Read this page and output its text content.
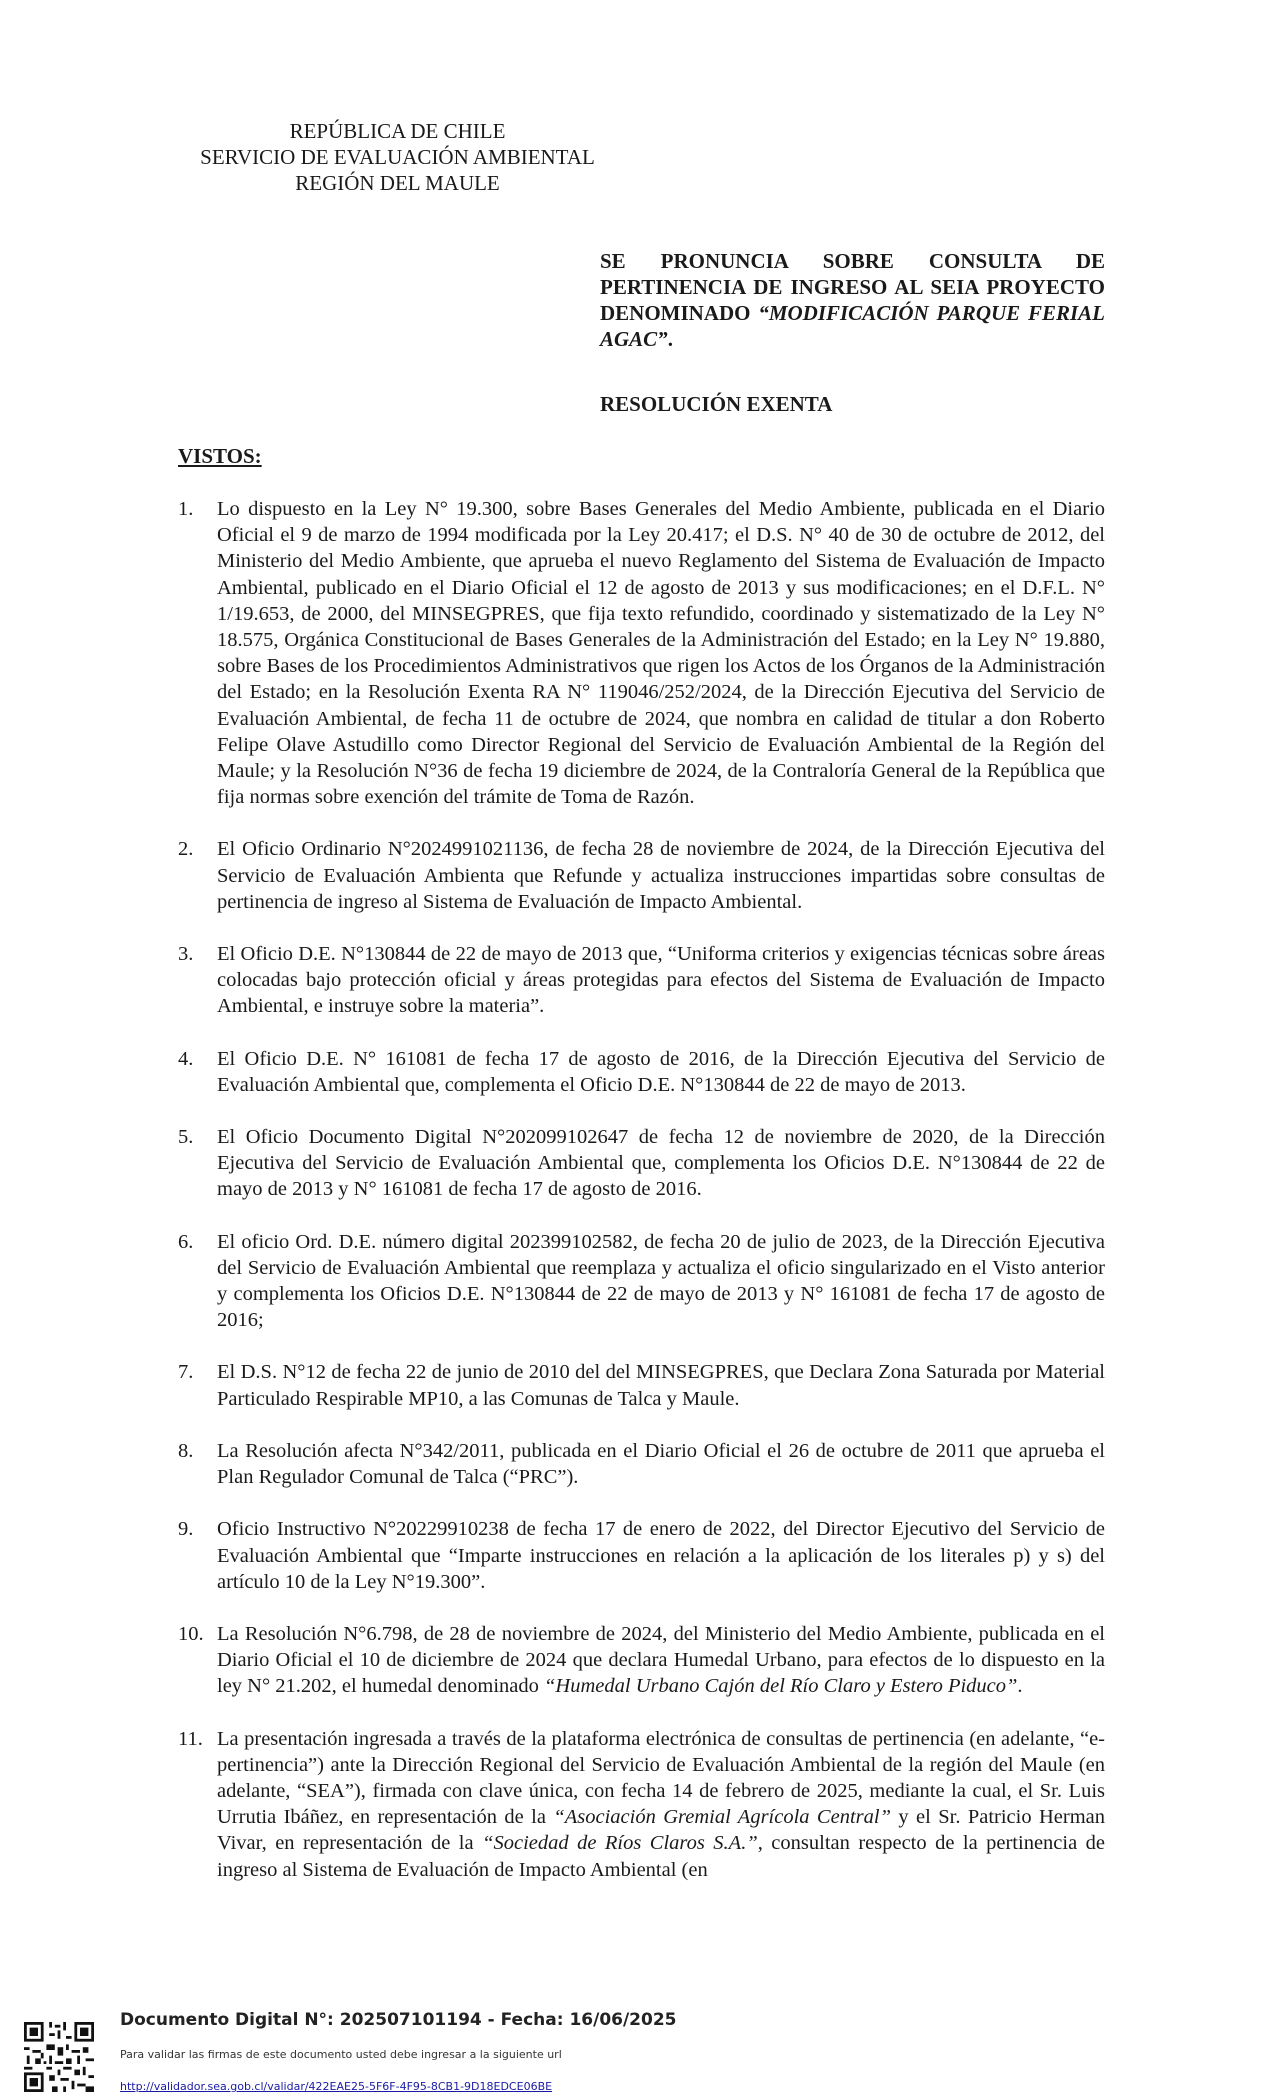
REPÚBLICA DE CHILE
SERVICIO DE EVALUACIÓN AMBIENTAL
REGIÓN DEL MAULE
SE PRONUNCIA SOBRE CONSULTA DE PERTINENCIA DE INGRESO AL SEIA PROYECTO DENOMINADO “MODIFICACIÓN PARQUE FERIAL AGAC”.
RESOLUCIÓN EXENTA
VISTOS:
1. Lo dispuesto en la Ley N° 19.300, sobre Bases Generales del Medio Ambiente, publicada en el Diario Oficial el 9 de marzo de 1994 modificada por la Ley 20.417; el D.S. N° 40 de 30 de octubre de 2012, del Ministerio del Medio Ambiente, que aprueba el nuevo Reglamento del Sistema de Evaluación de Impacto Ambiental, publicado en el Diario Oficial el 12 de agosto de 2013 y sus modificaciones; en el D.F.L. N° 1/19.653, de 2000, del MINSEGPRES, que fija texto refundido, coordinado y sistematizado de la Ley N° 18.575, Orgánica Constitucional de Bases Generales de la Administración del Estado; en la Ley N° 19.880, sobre Bases de los Procedimientos Administrativos que rigen los Actos de los Órganos de la Administración del Estado; en la Resolución Exenta RA N° 119046/252/2024, de la Dirección Ejecutiva del Servicio de Evaluación Ambiental, de fecha 11 de octubre de 2024, que nombra en calidad de titular a don Roberto Felipe Olave Astudillo como Director Regional del Servicio de Evaluación Ambiental de la Región del Maule; y la Resolución N°36 de fecha 19 diciembre de 2024, de la Contraloría General de la República que fija normas sobre exención del trámite de Toma de Razón.
2. El Oficio Ordinario N°2024991021136, de fecha 28 de noviembre de 2024, de la Dirección Ejecutiva del Servicio de Evaluación Ambienta que Refunde y actualiza instrucciones impartidas sobre consultas de pertinencia de ingreso al Sistema de Evaluación de Impacto Ambiental.
3. El Oficio D.E. N°130844 de 22 de mayo de 2013 que, “Uniforma criterios y exigencias técnicas sobre áreas colocadas bajo protección oficial y áreas protegidas para efectos del Sistema de Evaluación de Impacto Ambiental, e instruye sobre la materia”.
4. El Oficio D.E. N° 161081 de fecha 17 de agosto de 2016, de la Dirección Ejecutiva del Servicio de Evaluación Ambiental que, complementa el Oficio D.E. N°130844 de 22 de mayo de 2013.
5. El Oficio Documento Digital N°202099102647 de fecha 12 de noviembre de 2020, de la Dirección Ejecutiva del Servicio de Evaluación Ambiental que, complementa los Oficios D.E. N°130844 de 22 de mayo de 2013 y N° 161081 de fecha 17 de agosto de 2016.
6. El oficio Ord. D.E. número digital 202399102582, de fecha 20 de julio de 2023, de la Dirección Ejecutiva del Servicio de Evaluación Ambiental que reemplaza y actualiza el oficio singularizado en el Visto anterior y complementa los Oficios D.E. N°130844 de 22 de mayo de 2013 y N° 161081 de fecha 17 de agosto de 2016;
7. El D.S. N°12 de fecha 22 de junio de 2010 del del MINSEGPRES, que Declara Zona Saturada por Material Particulado Respirable MP10, a las Comunas de Talca y Maule.
8. La Resolución afecta N°342/2011, publicada en el Diario Oficial el 26 de octubre de 2011 que aprueba el Plan Regulador Comunal de Talca (“PRC”).
9. Oficio Instructivo N°20229910238 de fecha 17 de enero de 2022, del Director Ejecutivo del Servicio de Evaluación Ambiental que “Imparte instrucciones en relación a la aplicación de los literales p) y s) del artículo 10 de la Ley N°19.300”.
10. La Resolución N°6.798, de 28 de noviembre de 2024, del Ministerio del Medio Ambiente, publicada en el Diario Oficial el 10 de diciembre de 2024 que declara Humedal Urbano, para efectos de lo dispuesto en la ley N° 21.202, el humedal denominado “Humedal Urbano Cajón del Río Claro y Estero Piduco”.
11. La presentación ingresada a través de la plataforma electrónica de consultas de pertinencia (en adelante, “e-pertinencia”) ante la Dirección Regional del Servicio de Evaluación Ambiental de la región del Maule (en adelante, “SEA”), firmada con clave única, con fecha 14 de febrero de 2025, mediante la cual, el Sr. Luis Urrutia Ibáñez, en representación de la “Asociación Gremial Agrícola Central” y el Sr. Patricio Herman Vivar, en representación de la “Sociedad de Ríos Claros S.A.”, consultan respecto de la pertinencia de ingreso al Sistema de Evaluación de Impacto Ambiental (en
Documento Digital N°: 202507101194 - Fecha: 16/06/2025
Para validar las firmas de este documento usted debe ingresar a la siguiente url
http://validador.sea.gob.cl/validar/422EAE25-5F6F-4F95-8CB1-9D18EDCE06BE
